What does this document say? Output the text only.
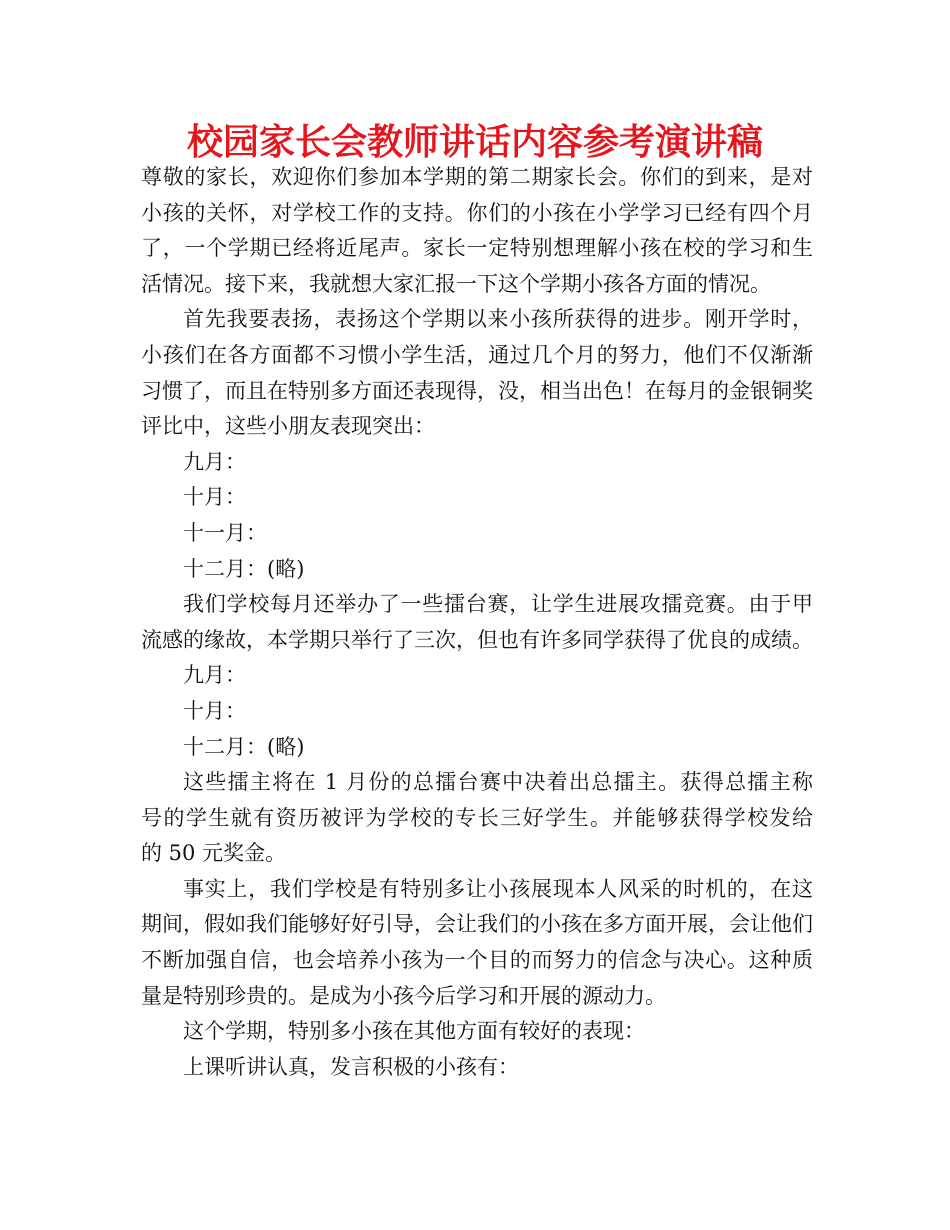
校园家长会教师讲话内容参考演讲稿
尊敬的家长，欢迎你们参加本学期的第二期家长会。你们的到来，是对
小孩的关怀，对学校工作的支持。你们的小孩在小学学习已经有四个月
了，一个学期已经将近尾声。家长一定特别想理解小孩在校的学习和生
活情况。接下来，我就想大家汇报一下这个学期小孩各方面的情况。
首先我要表扬，表扬这个学期以来小孩所获得的进步。刚开学时，
小孩们在各方面都不习惯小学生活，通过几个月的努力，他们不仅渐渐
习惯了，而且在特别多方面还表现得，没，相当出色！在每月的金银铜奖
评比中，这些小朋友表现突出：
九月：
十月：
十一月：
十二月：(略)
我们学校每月还举办了一些擂台赛，让学生进展攻擂竞赛。由于甲
流感的缘故，本学期只举行了三次，但也有许多同学获得了优良的成绩。
九月：
十月：
十二月：(略)
这些擂主将在 1 月份的总擂台赛中决着出总擂主。获得总擂主称
号的学生就有资历被评为学校的专长三好学生。并能够获得学校发给
的 50 元奖金。
事实上，我们学校是有特别多让小孩展现本人风采的时机的，在这
期间，假如我们能够好好引导，会让我们的小孩在多方面开展，会让他们
不断加强自信，也会培养小孩为一个目的而努力的信念与决心。这种质
量是特别珍贵的。是成为小孩今后学习和开展的源动力。
这个学期，特别多小孩在其他方面有较好的表现：
上课听讲认真，发言积极的小孩有：
